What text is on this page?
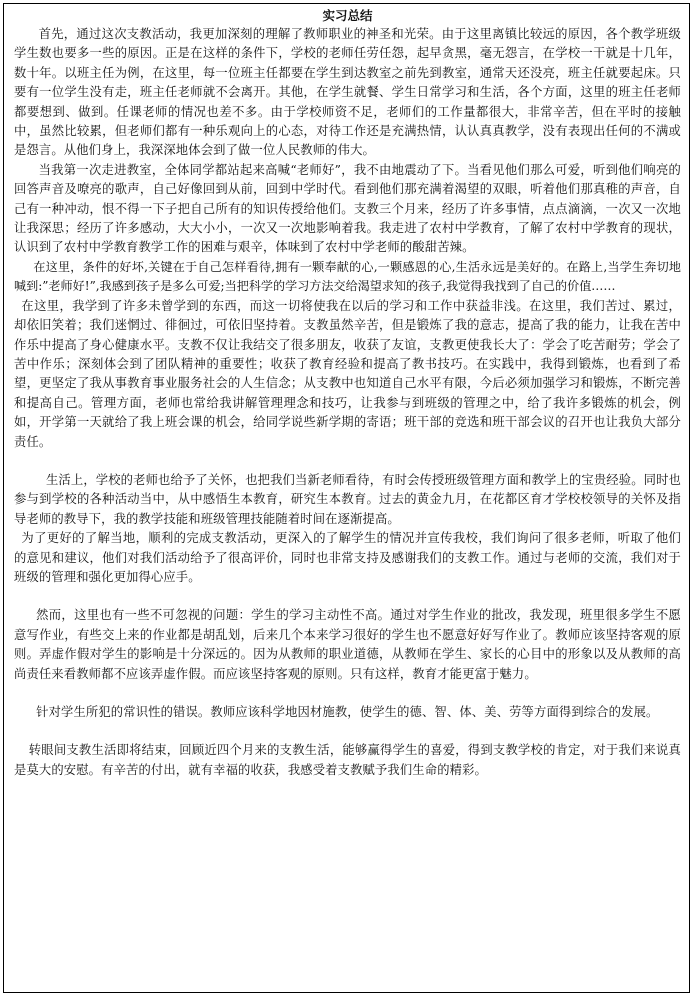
实习总结

首先，通过这次支教活动，我更加深刻的理解了教师职业的神圣和光荣。由于这里离镇比较远的原因，各个教学班级学生数也要多一些的原因。正是在这样的条件下，学校的老师任劳任怨，起早贪黑，毫无怨言，在学校一干就是十几年，数十年。以班主任为例，在这里，每一位班主任都要在学生到达教室之前先到教室，通常天还没亮，班主任就要起床。只要有一位学生没有走，班主任老师就不会离开。其他，在学生就餐、学生日常学习和生活，各个方面，这里的班主任老师都要想到、做到。任课老师的情况也差不多。由于学校师资不足，老师们的工作量都很大，非常辛苦，但在平时的接触中，虽然比较累，但老师们都有一种乐观向上的心态，对待工作还是充满热情，认认真真教学，没有表现出任何的不满或是怨言。从他们身上，我深深地体会到了做一位人民教师的伟大。

当我第一次走进教室，全体同学都站起来高喊“老师好”，我不由地震动了下。当看见他们那么可爱，听到他们响亮的回答声音及嘹亮的歌声，自己好像回到从前，回到中学时代。看到他们那充满着渴望的双眼，听着他们那真稚的声音，自己有一种冲动，恨不得一下子把自己所有的知识传授给他们。支教三个月来，经历了许多事情，点点滴滴，一次又一次地让我深思；经历了许多感动，大大小小，一次又一次地影响着我。我走进了农村中学教育，了解了农村中学教育的现状，认识到了农村中学教育教学工作的困难与艰辛，体味到了农村中学老师的酸甜苦辣。

在这里，条件的好坏,关键在于自己怎样看待,拥有一颗奉献的心,一颗感恩的心,生活永远是美好的。在路上,当学生奔切地喊到:”老师好!”,我感到孩子是多么可爱;当把科学的学习方法交给渴望求知的孩子,我觉得我找到了自己的价值……

在这里，我学到了许多未曾学到的东西，而这一切将使我在以后的学习和工作中获益非浅。在这里，我们苦过、累过，却依旧笑着；我们迷惘过、徘徊过，可依旧坚持着。支教虽然辛苦，但是锻炼了我的意志，提高了我的能力，让我在苦中作乐中提高了身心健康水平。支教不仅让我结交了很多朋友，收获了友谊，支教更使我长大了：学会了吃苦耐劳；学会了苦中作乐；深刻体会到了团队精神的重要性；收获了教育经验和提高了教书技巧。在实践中，我得到锻炼，也看到了希望，更坚定了我从事教育事业服务社会的人生信念；从支教中也知道自己水平有限，今后必须加强学习和锻炼，不断完善和提高自己。管理方面，老师也常给我讲解管理理念和技巧，让我参与到班级的管理之中，给了我许多锻炼的机会，例如，开学第一天就给了我上班会课的机会，给同学说些新学期的寄语；班干部的竞选和班干部会议的召开也让我负大部分责任。

生活上，学校的老师也给予了关怀，也把我们当新老师看待，有时会传授班级管理方面和教学上的宝贵经验。同时也参与到学校的各种活动当中，从中感悟生本教育，研究生本教育。过去的黄金九月，在花都区育才学校校领导的关怀及指导老师的教导下，我的教学技能和班级管理技能随着时间在逐渐提高。

为了更好的了解当地，顺利的完成支教活动，更深入的了解学生的情况并宣传我校，我们询问了很多老师，听取了他们的意见和建议，他们对我们活动给予了很高评价，同时也非常支持及感谢我们的支教工作。通过与老师的交流，我们对于班级的管理和强化更加得心应手。

然而，这里也有一些不可忽视的问题：学生的学习主动性不高。通过对学生作业的批改，我发现，班里很多学生不愿意写作业，有些交上来的作业都是胡乱划，后来几个本来学习很好的学生也不愿意好好写作业了。教师应该坚持客观的原则。弄虚作假对学生的影响是十分深远的。因为从教师的职业道德，从教师在学生、家长的心目中的形象以及从教师的高尚责任来看教师都不应该弄虚作假。而应该坚持客观的原则。只有这样，教育才能更富于魅力。

针对学生所犯的常识性的错误。教师应该科学地因材施教，使学生的德、智、体、美、劳等方面得到综合的发展。

转眼间支教生活即将结束，回顾近四个月来的支教生活，能够赢得学生的喜爱，得到支教学校的肯定，对于我们来说真是莫大的安慰。有辛苦的付出，就有幸福的收获，我感受着支教赋予我们生命的精彩。
